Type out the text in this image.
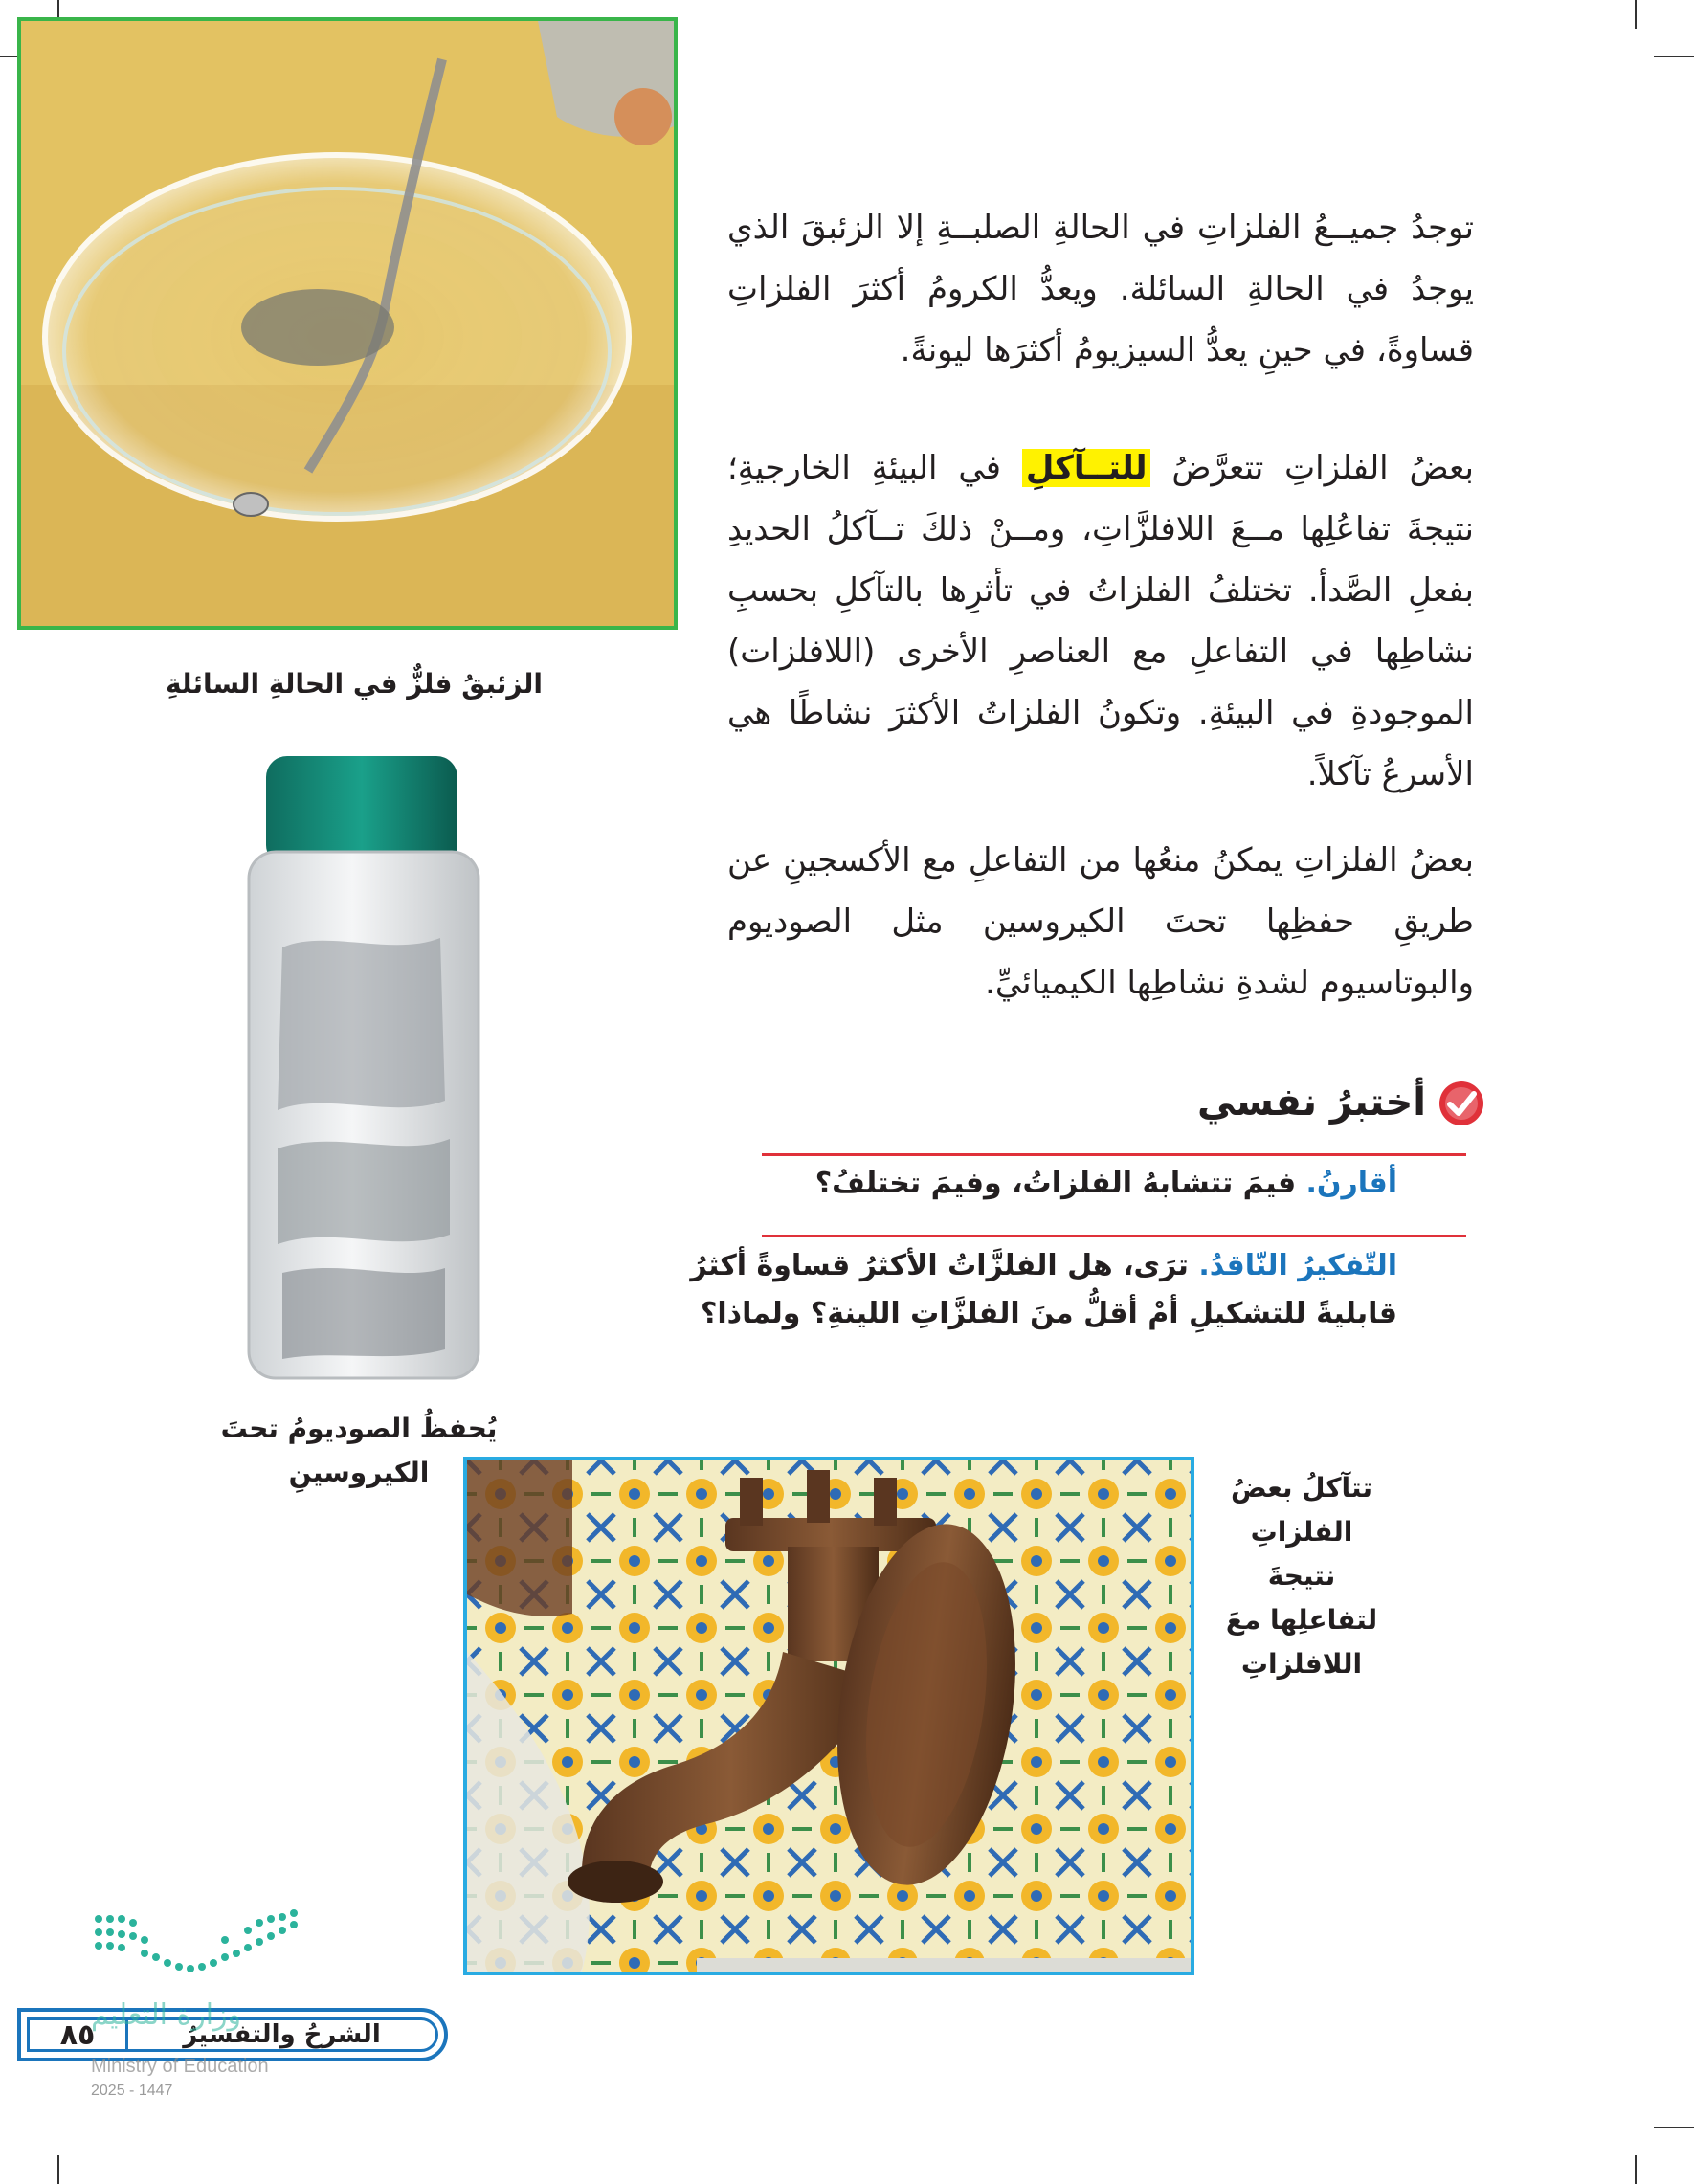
توجدُ جميــعُ الفلزاتِ في الحالةِ الصلبــةِ إلا الزئبقَ الذي يوجدُ في الحالةِ السائلة. ويعدُّ الكرومُ أكثرَ الفلزاتِ قساوةً، في حينِ يعدُّ السيزيومُ أكثرَها ليونةً.
بعضُ الفلزاتِ تتعرَّضُ للتــآكلِ في البيئةِ الخارجيةِ؛ نتيجةَ تفاعُلِها مــعَ اللافلزَّاتِ، ومــنْ ذلكَ تــآكلُ الحديدِ بفعلِ الصَّدأ. تختلفُ الفلزاتُ في تأثرِها بالتآكلِ بحسبِ نشاطِها في التفاعلِ مع العناصرِ الأخرى (اللافلزات) الموجودةِ في البيئةِ. وتكونُ الفلزاتُ الأكثرَ نشاطًا هي الأسرعُ تآكلاً.
بعضُ الفلزاتِ يمكنُ منعُها من التفاعلِ مع الأكسجينِ عن طريقِ حفظِها تحتَ الكيروسين مثل الصوديوم والبوتاسيوم لشدةِ نشاطِها الكيميائيِّ.
أختبرُ نفسي
أقارنُ. فيمَ تتشابهُ الفلزاتُ، وفيمَ تختلفُ؟
التّفكيرُ النّاقدُ. ترَى، هل الفلزَّاتُ الأكثرُ قساوةً أكثرُ قابليةً للتشكيلِ أمْ أقلُّ منَ الفلزَّاتِ اللينةِ؟ ولماذا؟
الزئبقُ فلزٌّ في الحالةِ السائلةِ
يُحفظُ الصوديومُ تحتَ الكيروسينِ	تتآكلُ بعضُ الفلزاتِ نتيجةَ لتفاعلِها معَ اللافلزاتِ
الشرحُ والتفسيرُ
٨٥
وزارة التعليم
Ministry of Education
2025 - 1447
